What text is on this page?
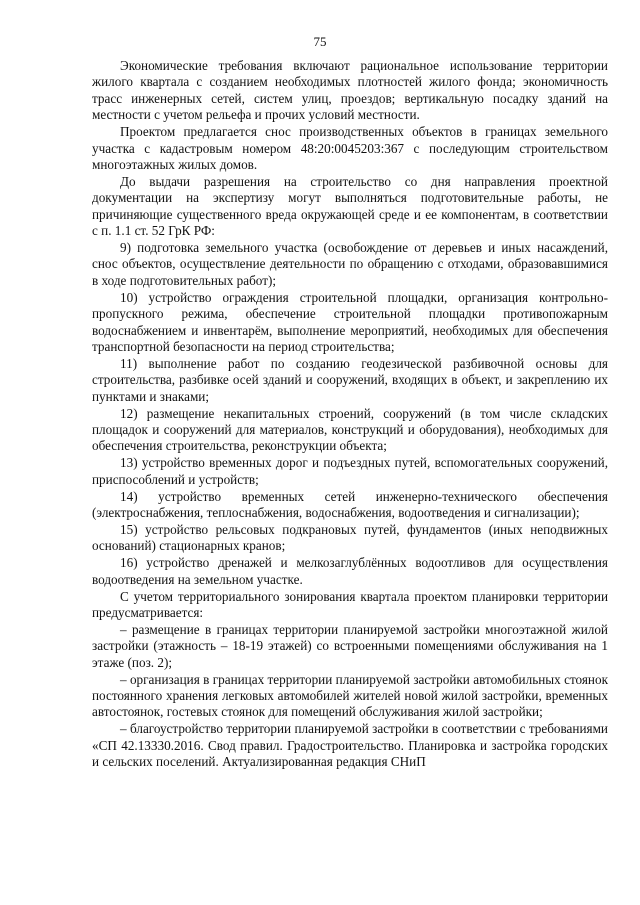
75

Экономические требования включают рациональное использование территории жилого квартала с созданием необходимых плотностей жилого фонда; экономичность трасс инженерных сетей, систем улиц, проездов; вертикальную посадку зданий на местности с учетом рельефа и прочих условий местности.

Проектом предлагается снос производственных объектов в границах земельного участка с кадастровым номером 48:20:0045203:367 с последующим строительством многоэтажных жилых домов.

До выдачи разрешения на строительство со дня направления проектной документации на экспертизу могут выполняться подготовительные работы, не причиняющие существенного вреда окружающей среде и ее компонентам, в соответствии с п. 1.1 ст. 52 ГрК РФ:

9) подготовка земельного участка (освобождение от деревьев и иных насаждений, снос объектов, осуществление деятельности по обращению с отходами, образовавшимися в ходе подготовительных работ);

10) устройство ограждения строительной площадки, организация контрольно-пропускного режима, обеспечение строительной площадки противопожарным водоснабжением и инвентарём, выполнение мероприятий, необходимых для обеспечения транспортной безопасности на период строительства;

11) выполнение работ по созданию геодезической разбивочной основы для строительства, разбивке осей зданий и сооружений, входящих в объект, и закреплению их пунктами и знаками;

12) размещение некапитальных строений, сооружений (в том числе складских площадок и сооружений для материалов, конструкций и оборудования), необходимых для обеспечения строительства, реконструкции объекта;

13) устройство временных дорог и подъездных путей, вспомогательных сооружений, приспособлений и устройств;

14) устройство временных сетей инженерно-технического обеспечения (электроснабжения, теплоснабжения, водоснабжения, водоотведения и сигнализации);

15) устройство рельсовых подкрановых путей, фундаментов (иных неподвижных оснований) стационарных кранов;

16) устройство дренажей и мелкозаглублённых водоотливов для осуществления водоотведения на земельном участке.

С учетом территориального зонирования квартала проектом планировки территории предусматривается:

– размещение в границах территории планируемой застройки многоэтажной жилой застройки (этажность – 18-19 этажей) со встроенными помещениями обслуживания на 1 этаже (поз. 2);

– организация в границах территории планируемой застройки автомобильных стоянок постоянного хранения легковых автомобилей жителей новой жилой застройки, временных автостоянок, гостевых стоянок для помещений обслуживания жилой застройки;

– благоустройство территории планируемой застройки в соответствии с требованиями «СП 42.13330.2016. Свод правил. Градостроительство. Планировка и застройка городских и сельских поселений. Актуализированная редакция СНиП
